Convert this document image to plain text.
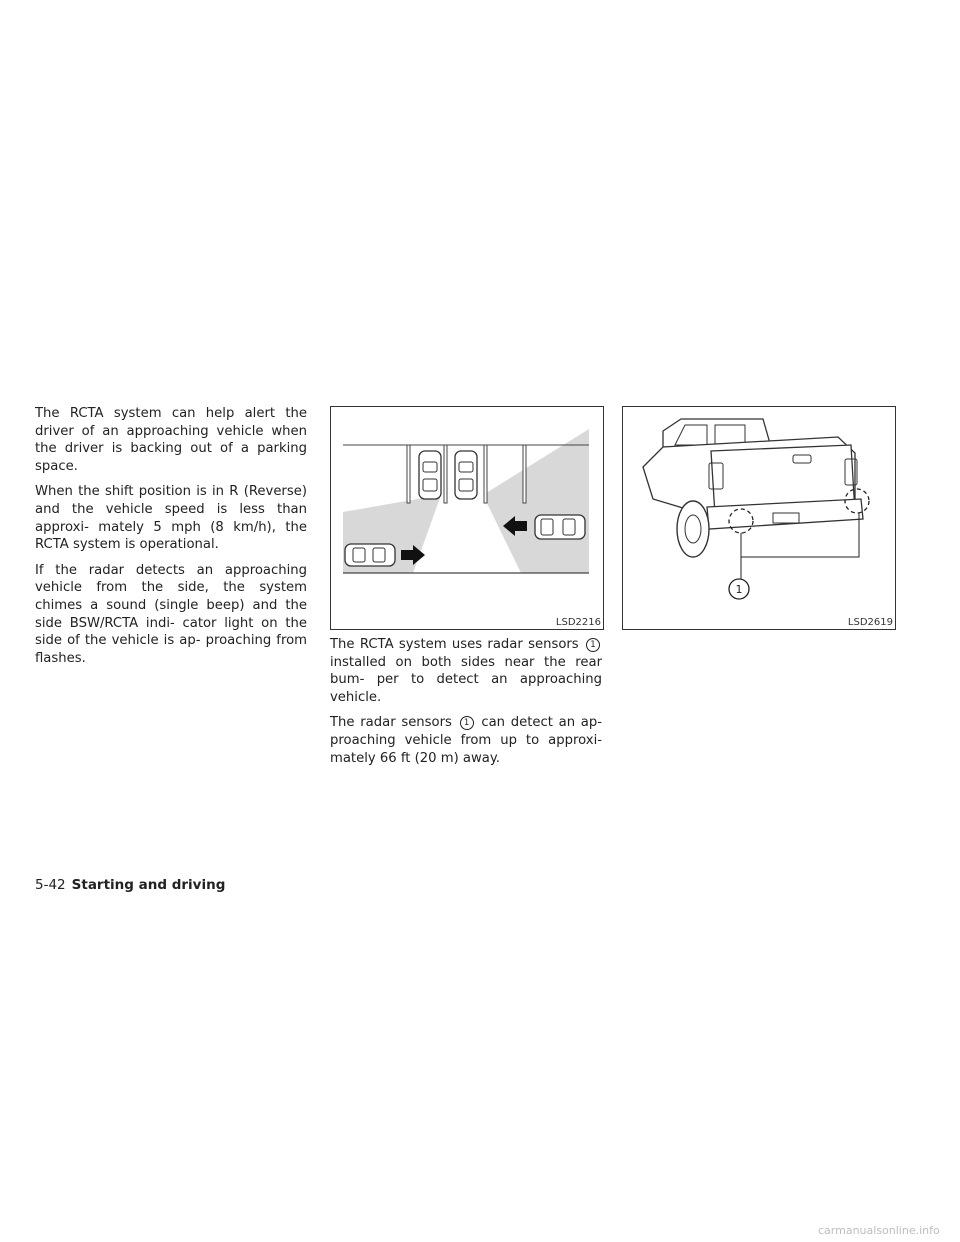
The RCTA system can help alert the driver of an approaching vehicle when the driver is backing out of a parking space.

When the shift position is in R (Reverse) and the vehicle speed is less than approxi- mately 5 mph (8 km/h), the RCTA system is operational.

If the radar detects an approaching vehicle from the side, the system chimes a sound (single beep) and the side BSW/RCTA indi- cator light on the side of the vehicle is ap- proaching from flashes.

LSD2216
1
LSD2619

The RCTA system uses radar sensors 1 installed on both sides near the rear bum- per to detect an approaching vehicle.

The radar sensors 1 can detect an ap- proaching vehicle from up to approxi- mately 66 ft (20 m) away.

5-42 Starting and driving
carmanualsonline.info
